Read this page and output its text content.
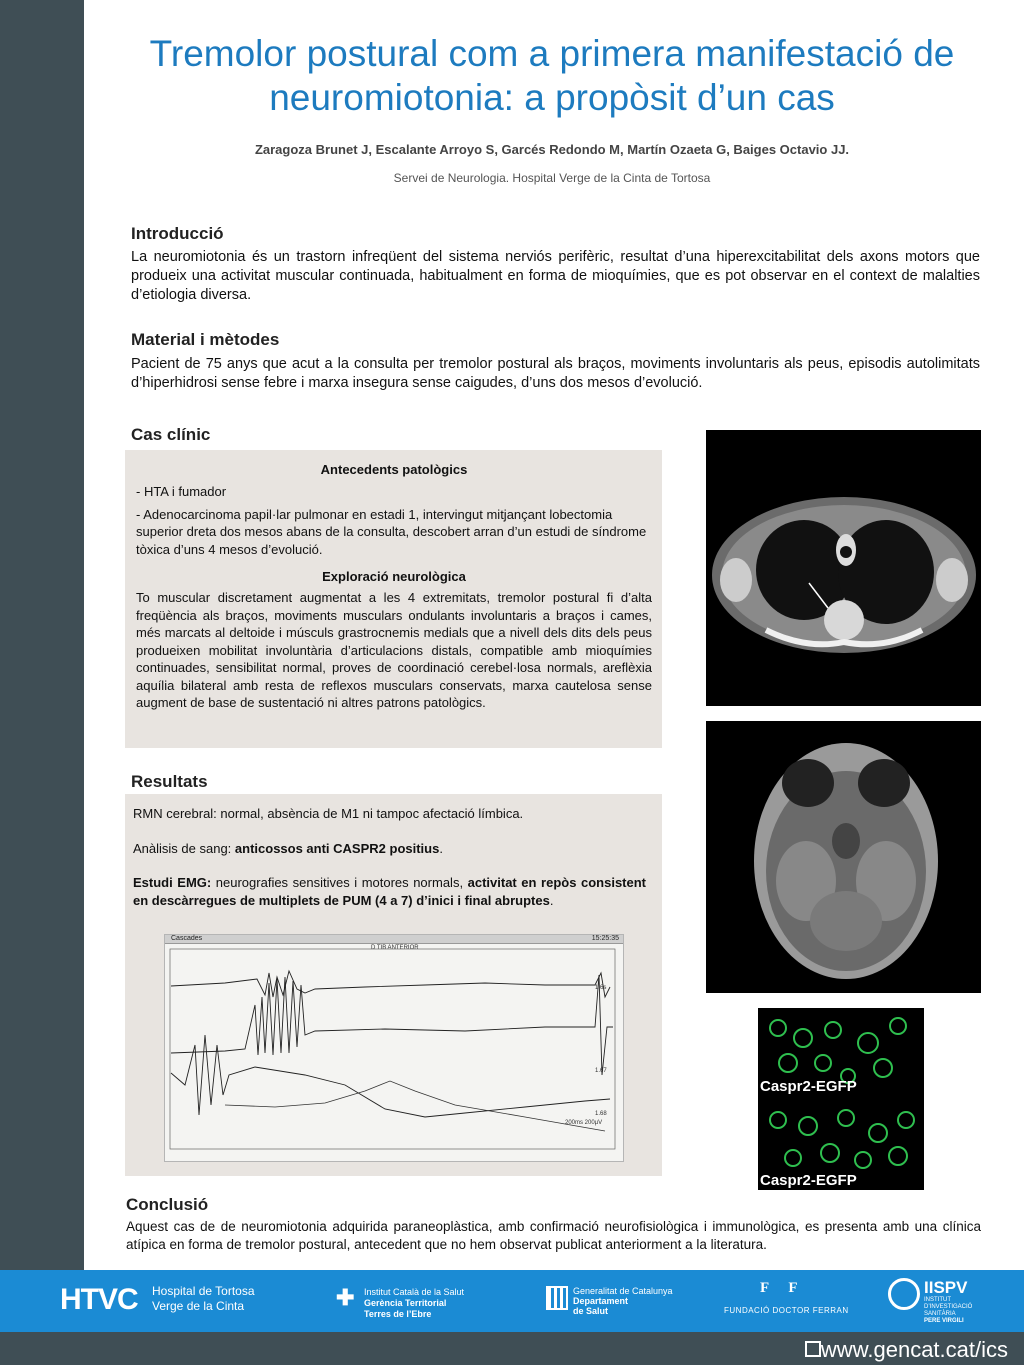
Tremolor postural com a primera manifestació de neuromiotonia: a propòsit d’un cas
Zaragoza Brunet J, Escalante Arroyo S, Garcés Redondo M, Martín Ozaeta G, Baiges Octavio JJ.
Servei de Neurologia. Hospital Verge de la Cinta de Tortosa
Introducció

La neuromiotonia és un trastorn infreqüent del sistema nerviós perifèric, resultat d’una hiperexcitabilitat dels axons motors que produeix una activitat muscular continuada, habitualment en forma de mioquímies, que es pot observar en el context de malalties d’etiologia diversa.

Material i mètodes

Pacient de 75 anys que acut a la consulta per tremolor postural als braços, moviments involuntaris als peus, episodis autolimitats d’hiperhidrosi sense febre i marxa insegura sense caigudes, d’uns dos mesos d’evolució.

Cas clínic
Antecedents patològics
- HTA i fumador
- Adenocarcinoma papil·lar pulmonar en estadi 1, intervingut mitjançant lobectomia superior dreta dos mesos abans de la consulta, descobert arran d’un estudi de síndrome tòxica d’uns 4 mesos d’evolució.
Exploració neurològica
To muscular discretament augmentat a les 4 extremitats, tremolor postural fi d’alta freqüència als braços, moviments musculars ondulants involuntaris a braços i cames, més marcats al deltoide i músculs grastrocnemis medials que a nivell dels dits dels peus produeixen mobilitat involuntària d’articulacions distals, compatible amb mioquímies continuades, sensibilitat normal, proves de coordinació cerebel·losa normals, areflèxia aquília bilateral amb resta de reflexos musculars conservats, marxa cautelosa sense augment de base de sustentació ni altres patrons patològics.
Resultats
RMN cerebral: normal, absència de M1 ni tampoc afectació límbica.
Anàlisis de sang: anticossos anti CASPR2 positius.
Estudi EMG: neurografies sensitives i motores normals, activitat en repòs consistent en descàrregues de multiplets de PUM (4 a 7) d’inici i final abruptes.
Cascades	15:25:35
D TIB ANTERIOR
1.6s
1.67
1.68
200ms 200µV
Caspr2-EGFP
Caspr2-EGFP
Conclusió

Aquest cas de de neuromiotonia adquirida paraneoplàstica, amb confirmació neurofisiològica i immunològica, es presenta amb una clínica atípica en forma de tremolor postural, antecedent que no hem observat publicat anteriorment a la literatura.

HTVC Hospital de Tortosa
Verge de la Cinta	✚ Institut Català de la Salut
Gerència Territorial
Terres de l’Ebre
Generalitat de Catalunya
Departament
de Salut
F F
FUNDACIÓ DOCTOR FERRAN
IISPV
INSTITUT
D’INVESTIGACIÓ
SANITÀRIA
PERE VIRGILI
www.gencat.cat/ics
